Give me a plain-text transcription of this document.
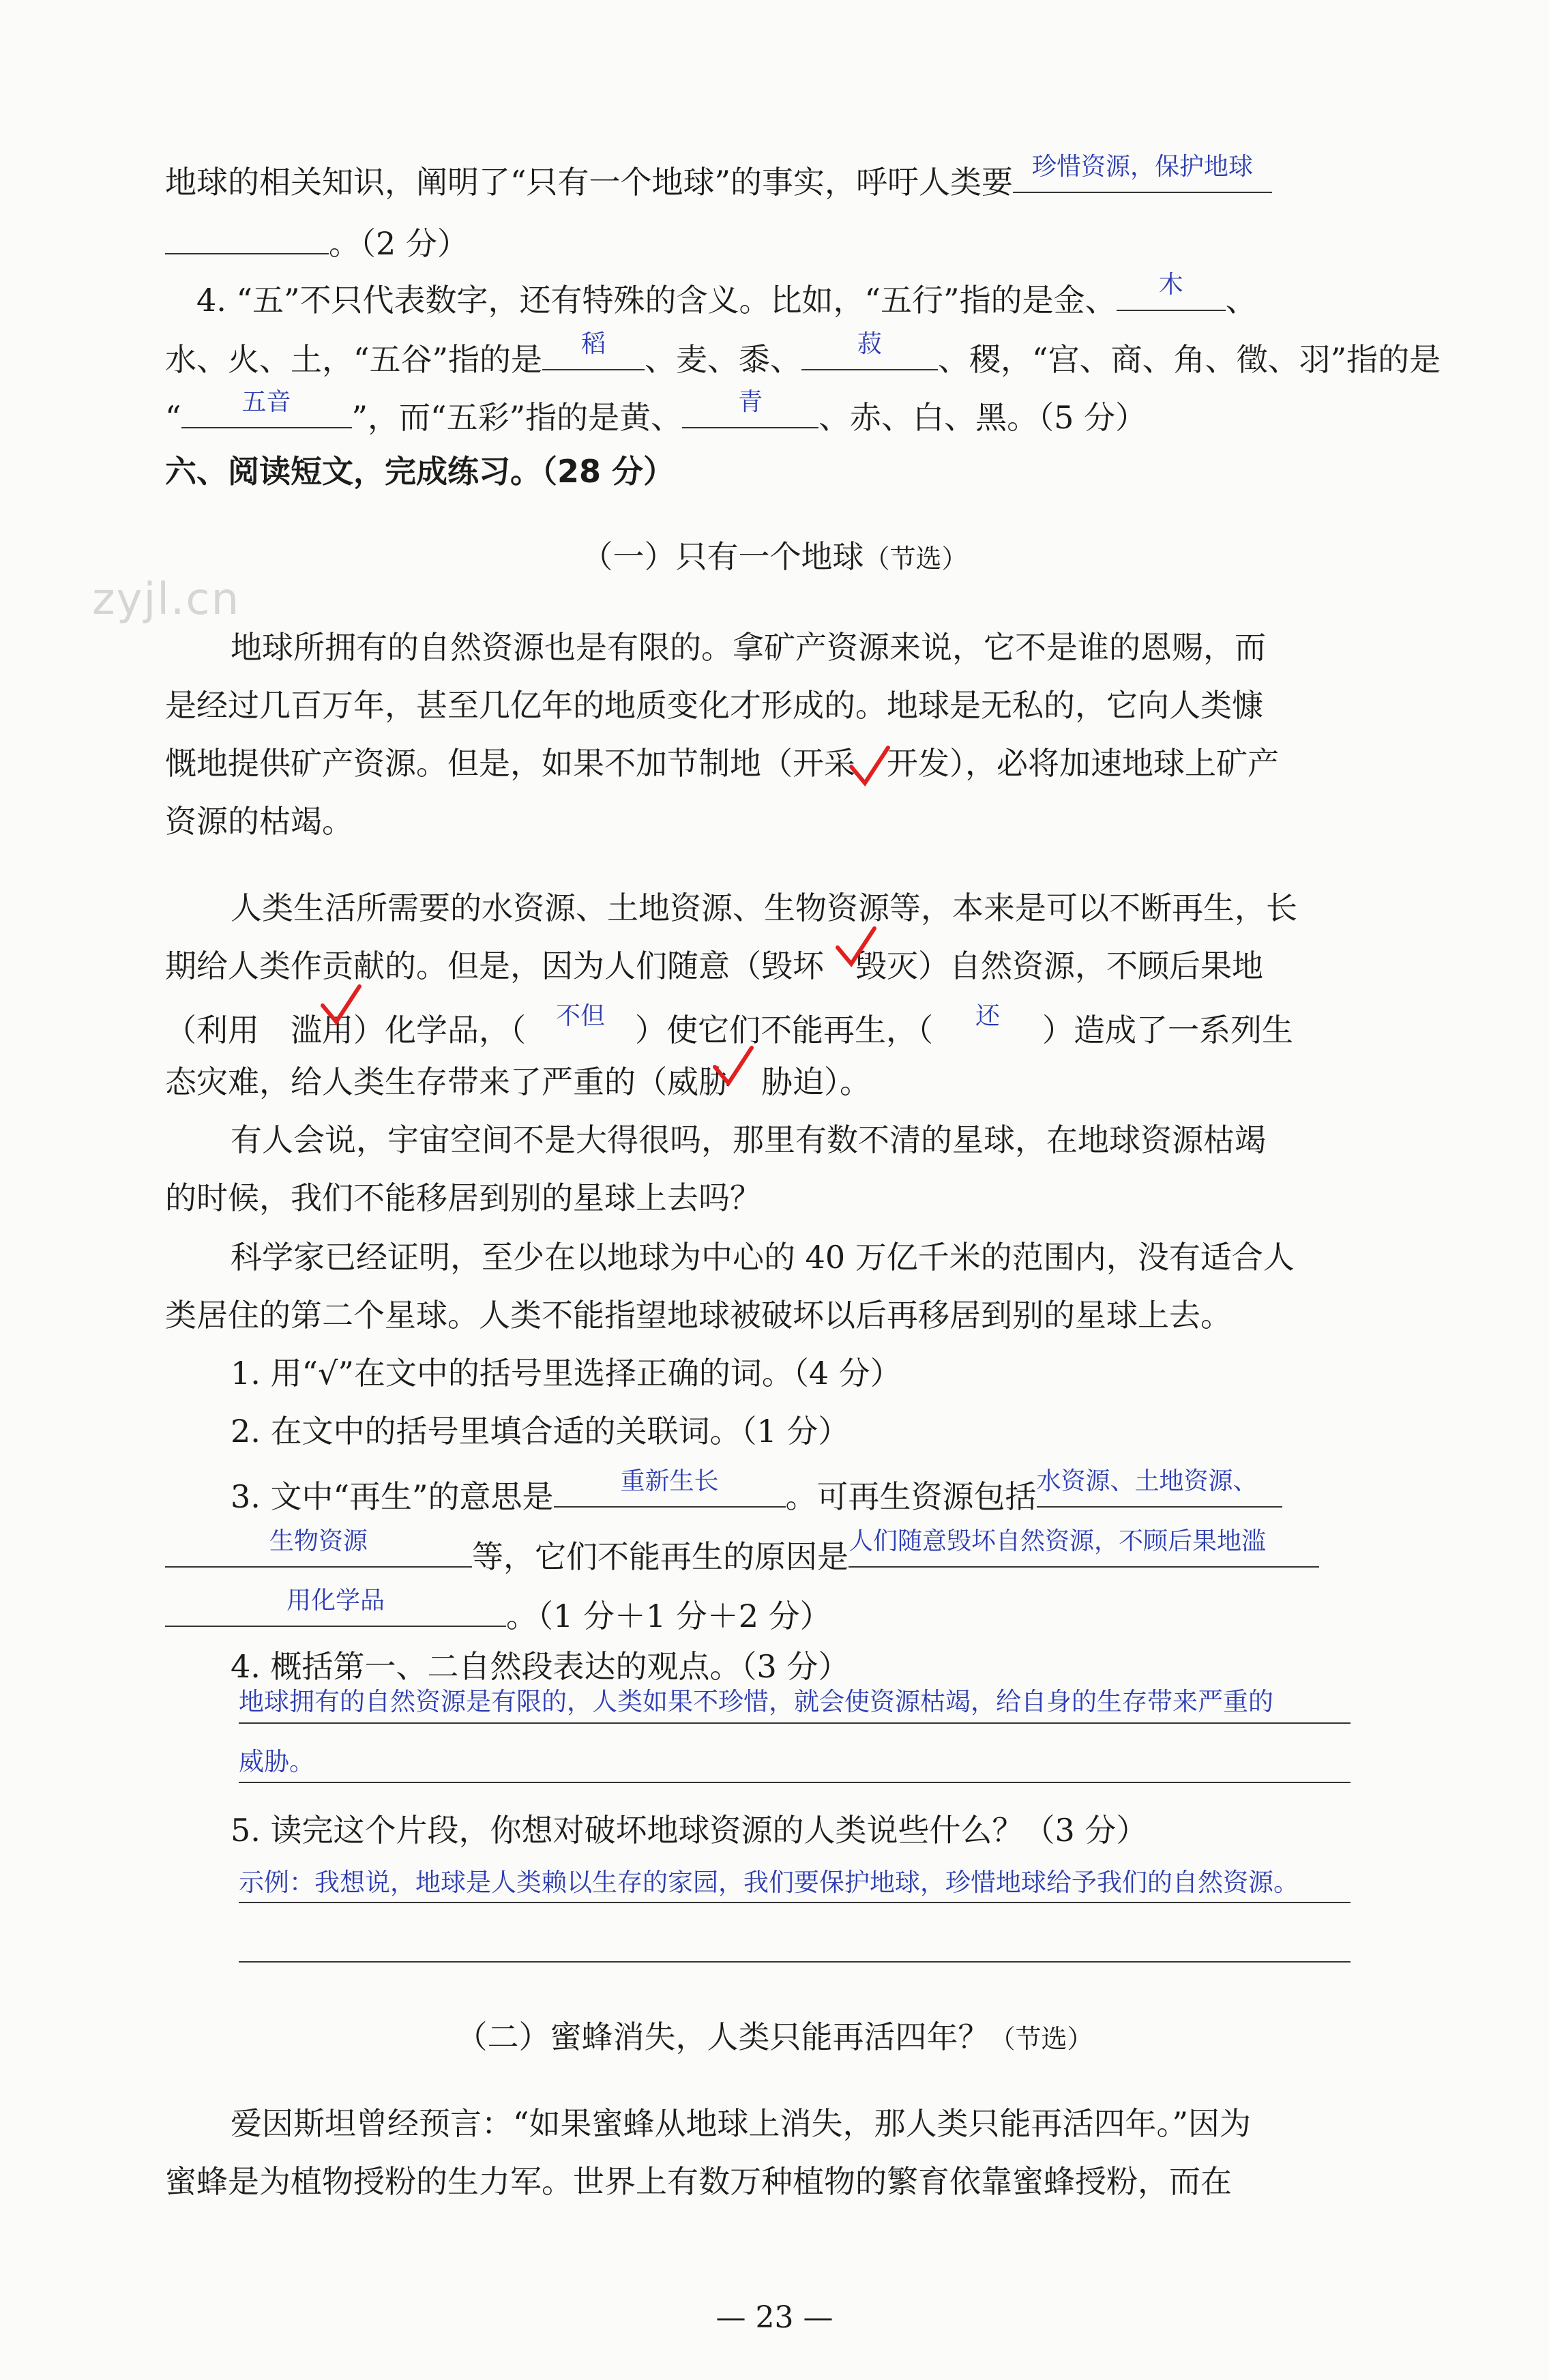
zyjl.cn
地球的相关知识，阐明了“只有一个地球”的事实，呼吁人类要 珍惜资源，保护地球
。（2 分）
4. “五”不只代表数字，还有特殊的含义。比如，“五行”指的是金、	木	、
水、火、土，“五谷”指的是	稻	、麦、黍、	菽	、稷，“宫、商、角、徵、羽”指的是
“	五音	”，而“五彩”指的是黄、	青	、赤、白、黑。（5 分）
六、阅读短文，完成练习。（28 分）
（一）只有一个地球（节选）
地球所拥有的自然资源也是有限的。拿矿产资源来说，它不是谁的恩赐，而
是经过几百万年，甚至几亿年的地质变化才形成的。地球是无私的，它向人类慷
慨地提供矿产资源。但是，如果不加节制地（开采　开发），必将加速地球上矿产
资源的枯竭。
人类生活所需要的水资源、土地资源、生物资源等，本来是可以不断再生，长
期给人类作贡献的。但是，因为人们随意（毁坏　毁灭）自然资源，不顾后果地
（利用　滥用）化学品，（	不但 ）使它们不能再生，（	还	）造成了一系列生
态灾难，给人类生存带来了严重的（威胁　胁迫）。
有人会说，宇宙空间不是大得很吗，那里有数不清的星球，在地球资源枯竭
的时候，我们不能移居到别的星球上去吗？
科学家已经证明，至少在以地球为中心的 40 万亿千米的范围内，没有适合人
类居住的第二个星球。人类不能指望地球被破坏以后再移居到别的星球上去。
1. 用“√”在文中的括号里选择正确的词。（4 分）
2. 在文中的括号里填合适的关联词。（1 分）
3. 文中“再生”的意思是	重新生长	。可再生资源包括 水资源、土地资源、
生物资源	等，它们不能再生的原因是 人们随意毁坏自然资源，不顾后果地滥
用化学品	。（1 分＋1 分＋2 分）
4. 概括第一、二自然段表达的观点。（3 分）
地球拥有的自然资源是有限的，人类如果不珍惜，就会使资源枯竭，给自身的生存带来严重的
威胁。
5. 读完这个片段，你想对破坏地球资源的人类说些什么？（3 分）
示例：我想说，地球是人类赖以生存的家园，我们要保护地球，珍惜地球给予我们的自然资源。
（二）蜜蜂消失，人类只能再活四年？（节选）
爱因斯坦曾经预言：“如果蜜蜂从地球上消失，那人类只能再活四年。”因为
蜜蜂是为植物授粉的生力军。世界上有数万种植物的繁育依靠蜜蜂授粉，而在
— 23 —
